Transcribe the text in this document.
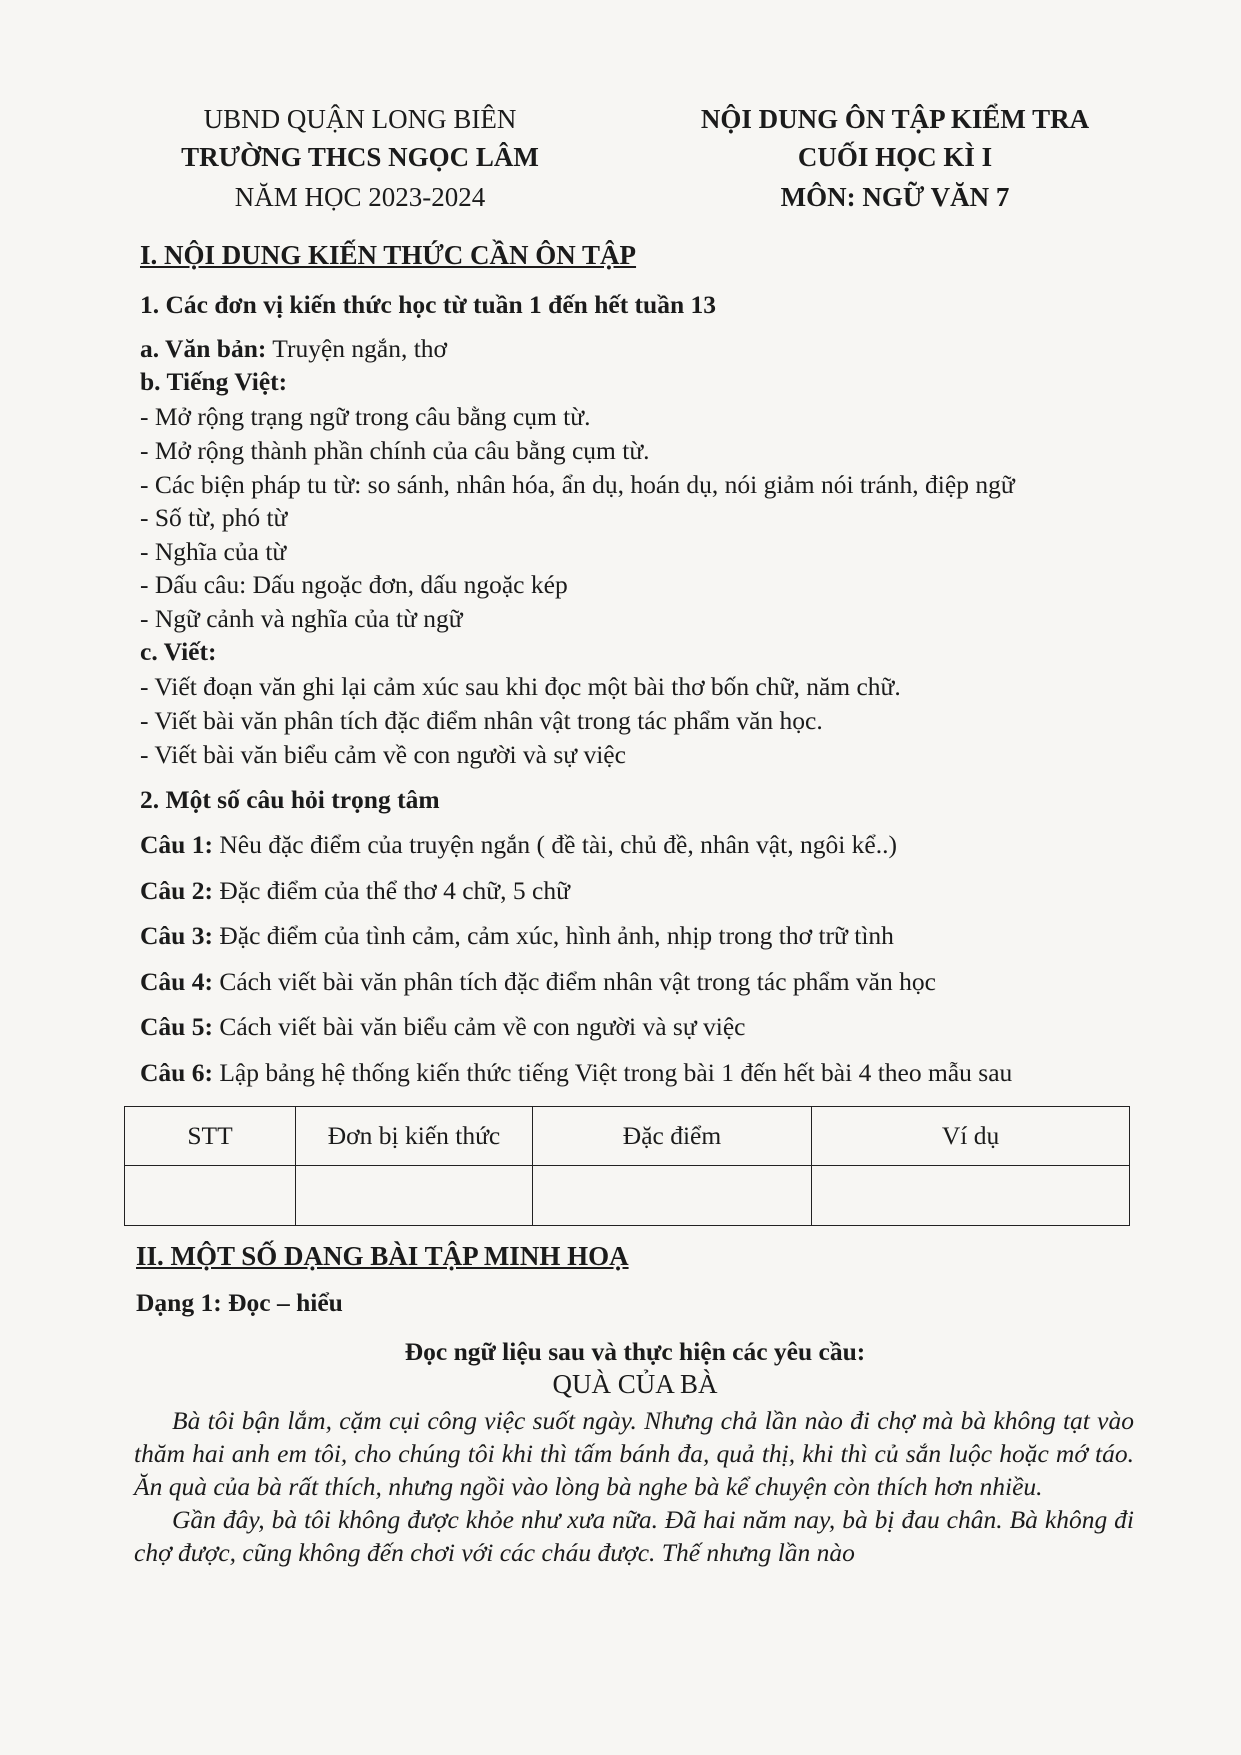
UBND QUẬN LONG BIÊN
TRƯỜNG THCS NGỌC LÂM
NĂM HỌC 2023-2024
NỘI DUNG ÔN TẬP KIỂM TRA
CUỐI HỌC KÌ I
MÔN: NGỮ VĂN 7
I. NỘI DUNG KIẾN THỨC CẦN ÔN TẬP
1. Các đơn vị kiến thức học từ tuần 1 đến hết tuần 13
a. Văn bản: Truyện ngắn, thơ
b. Tiếng Việt:
- Mở rộng trạng ngữ trong câu bằng cụm từ.
- Mở rộng thành phần chính của câu bằng cụm từ.
- Các biện pháp tu từ: so sánh, nhân hóa, ẩn dụ, hoán dụ, nói giảm nói tránh, điệp ngữ
- Số từ, phó từ
- Nghĩa của từ
- Dấu câu: Dấu ngoặc đơn, dấu ngoặc kép
- Ngữ cảnh và nghĩa của từ ngữ
c. Viết:
- Viết đoạn văn ghi lại cảm xúc sau khi đọc một bài thơ bốn chữ, năm chữ.
- Viết bài văn phân tích đặc điểm nhân vật trong tác phẩm văn học.
- Viết bài văn biểu cảm về con người và sự việc
2. Một số câu hỏi trọng tâm
Câu 1: Nêu đặc điểm của truyện ngắn ( đề tài, chủ đề, nhân vật, ngôi kể..)
Câu 2: Đặc điểm của thể thơ 4 chữ, 5 chữ
Câu 3: Đặc điểm của tình cảm, cảm xúc, hình ảnh, nhịp trong thơ trữ tình
Câu 4: Cách viết bài văn phân tích đặc điểm nhân vật trong tác phẩm văn học
Câu 5: Cách viết bài văn biểu cảm về con người và sự việc
Câu 6: Lập bảng hệ thống kiến thức tiếng Việt trong bài 1 đến hết bài 4 theo mẫu sau
STT	Đơn bị kiến thức	Đặc điểm	Ví dụ

II. MỘT SỐ DẠNG BÀI TẬP MINH HOẠ
Dạng 1: Đọc – hiểu
Đọc ngữ liệu sau và thực hiện các yêu cầu:
QUÀ CỦA BÀ

Bà tôi bận lắm, cặm cụi công việc suốt ngày. Nhưng chả lần nào đi chợ mà bà không tạt vào thăm hai anh em tôi, cho chúng tôi khi thì tấm bánh đa, quả thị, khi thì củ sắn luộc hoặc mớ táo. Ăn quà của bà rất thích, nhưng ngồi vào lòng bà nghe bà kể chuyện còn thích hơn nhiều.

Gần đây, bà tôi không được khỏe như xưa nữa. Đã hai năm nay, bà bị đau chân. Bà không đi chợ được, cũng không đến chơi với các cháu được. Thế nhưng lần nào
